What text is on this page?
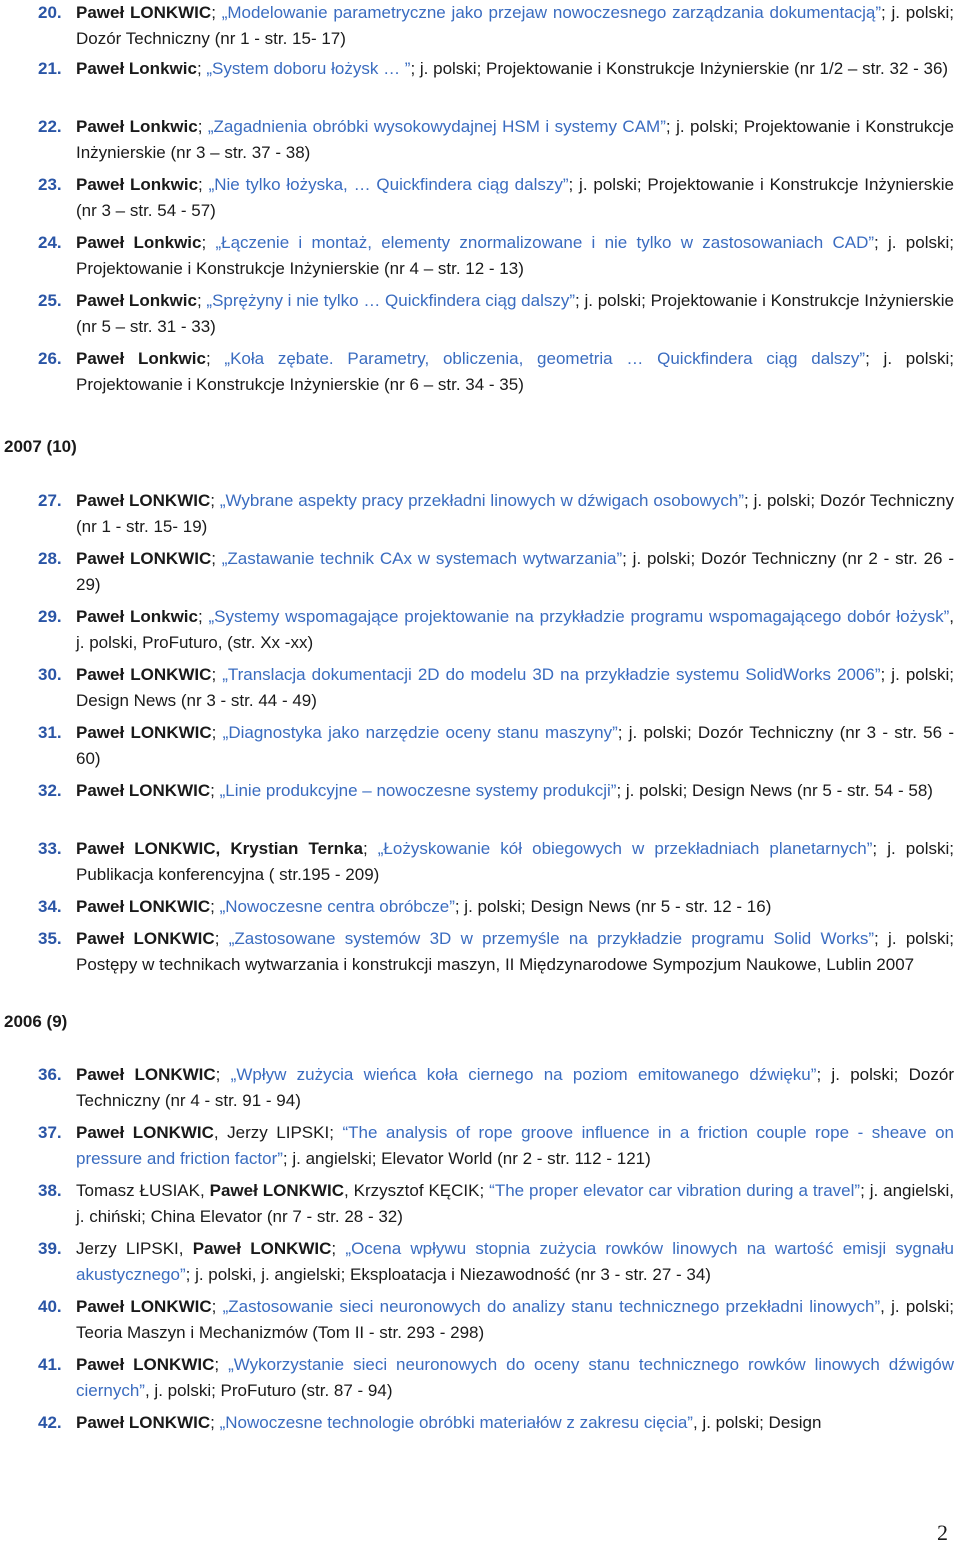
20. Paweł LONKWIC; „Modelowanie parametryczne jako przejaw nowoczesnego zarządzania dokumentacją”; j. polski; Dozór Techniczny (nr 1 - str. 15- 17)
21. Paweł Lonkwic; „System doboru łożysk … ”; j. polski; Projektowanie i Konstrukcje Inżynierskie (nr 1/2 – str. 32 - 36)
22. Paweł Lonkwic; „Zagadnienia obróbki wysokowydajnej HSM i systemy CAM”; j. polski; Projektowanie i Konstrukcje Inżynierskie (nr 3 – str. 37 - 38)
23. Paweł Lonkwic; „Nie tylko łożyska, … Quickfindera ciąg dalszy”; j. polski; Projektowanie i Konstrukcje Inżynierskie (nr 3 – str. 54 - 57)
24. Paweł Lonkwic; „Łączenie i montaż, elementy znormalizowane i nie tylko w zastosowaniach CAD”; j. polski; Projektowanie i Konstrukcje Inżynierskie (nr 4 – str. 12 - 13)
25. Paweł Lonkwic; „Sprężyny i nie tylko … Quickfindera ciąg dalszy”; j. polski; Projektowanie i Konstrukcje Inżynierskie (nr 5 – str. 31 - 33)
26. Paweł Lonkwic; „Koła zębate. Parametry, obliczenia, geometria … Quickfindera ciąg dalszy”; j. polski; Projektowanie i Konstrukcje Inżynierskie (nr 6 – str. 34 - 35)
2007 (10)
27. Paweł LONKWIC; „Wybrane aspekty pracy przekładni linowych w dźwigach osobowych”; j. polski; Dozór Techniczny (nr 1 - str. 15- 19)
28. Paweł LONKWIC; „Zastawanie technik CAx w systemach wytwarzania”; j. polski; Dozór Techniczny (nr 2 - str. 26 - 29)
29. Paweł Lonkwic; „Systemy wspomagające projektowanie na przykładzie programu wspomagającego dobór łożysk”, j. polski, ProFuturo, (str. Xx -xx)
30. Paweł LONKWIC; „Translacja dokumentacji 2D do modelu 3D na przykładzie systemu SolidWorks 2006”; j. polski; Design News (nr 3 - str. 44 - 49)
31. Paweł LONKWIC; „Diagnostyka jako narzędzie oceny stanu maszyny”; j. polski; Dozór Techniczny (nr 3 - str. 56 - 60)
32. Paweł LONKWIC; „Linie produkcyjne – nowoczesne systemy produkcji”; j. polski; Design News (nr 5 - str. 54 - 58)
33. Paweł LONKWIC, Krystian Ternka; „Łożyskowanie kół obiegowych w przekładniach planetarnych”; j. polski; Publikacja konferencyjna ( str.195 - 209)
34. Paweł LONKWIC; „Nowoczesne centra obróbcze”; j. polski; Design News (nr 5 - str. 12 - 16)
35. Paweł LONKWIC; „Zastosowane systemów 3D w przemyśle na przykładzie programu Solid Works”; j. polski; Postępy w technikach wytwarzania i konstrukcji maszyn, II Międzynarodowe Sympozjum Naukowe, Lublin 2007
2006 (9)
36. Paweł LONKWIC; „Wpływ zużycia wieńca koła ciernego na poziom emitowanego dźwięku”; j. polski; Dozór Techniczny (nr 4 - str. 91 - 94)
37. Paweł LONKWIC, Jerzy LIPSKI; “The analysis of rope groove influence in a friction couple rope - sheave on pressure and friction factor”; j. angielski; Elevator World (nr 2 - str. 112 - 121)
38. Tomasz ŁUSIAK, Paweł LONKWIC, Krzysztof KĘCIK; “The proper elevator car vibration during a travel”; j. angielski, j. chiński; China Elevator (nr 7 - str. 28 - 32)
39. Jerzy LIPSKI, Paweł LONKWIC; „Ocena wpływu stopnia zużycia rowków linowych na wartość emisji sygnału akustycznego”; j. polski, j. angielski; Eksploatacja i Niezawodność (nr 3 - str. 27 - 34)
40. Paweł LONKWIC; „Zastosowanie sieci neuronowych do analizy stanu technicznego przekładni linowych”, j. polski; Teoria Maszyn i Mechanizmów (Tom II - str. 293 - 298)
41. Paweł LONKWIC; „Wykorzystanie sieci neuronowych do oceny stanu technicznego rowków linowych dźwigów ciernych”, j. polski; ProFuturo (str. 87 - 94)
42. Paweł LONKWIC; „Nowoczesne technologie obróbki materiałów z zakresu cięcia”, j. polski; Design
2
